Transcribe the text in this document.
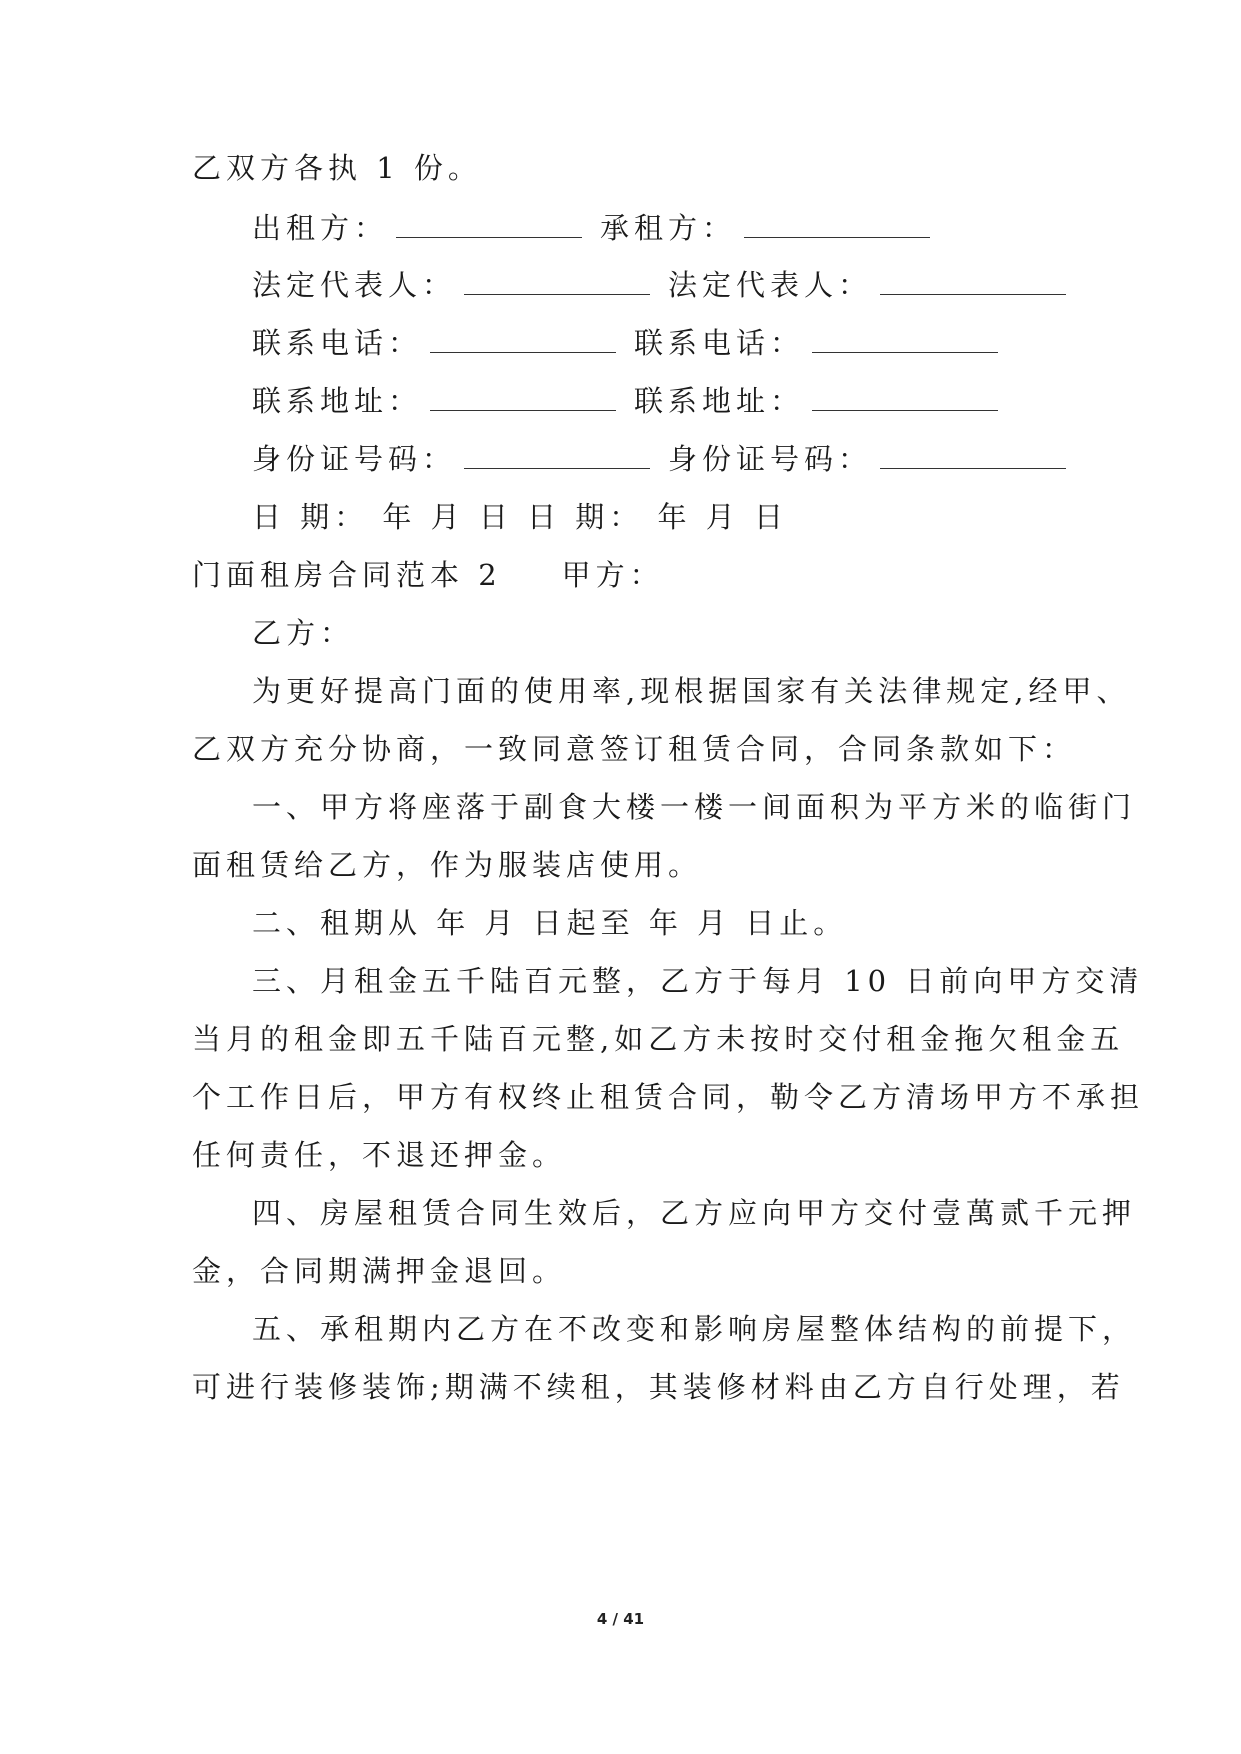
乙双方各执 1 份。
出租方：	承租方：
法定代表人：	法定代表人：
联系电话：	联系电话：
联系地址：	联系地址：
身份证号码：	身份证号码：
日 期： 年 月 日 日 期： 年 月 日
门面租房合同范本 2 甲方：
乙方：
为更好提高门面的使用率,现根据国家有关法律规定,经甲、
乙双方充分协商，一致同意签订租赁合同，合同条款如下：
一、甲方将座落于副食大楼一楼一间面积为平方米的临街门
面租赁给乙方，作为服装店使用。
二、租期从 年 月 日起至 年 月 日止。
三、月租金五千陆百元整，乙方于每月 10 日前向甲方交清
当月的租金即五千陆百元整,如乙方未按时交付租金拖欠租金五
个工作日后，甲方有权终止租赁合同，勒令乙方清场甲方不承担
任何责任，不退还押金。
四、房屋租赁合同生效后，乙方应向甲方交付壹萬贰千元押
金，合同期满押金退回。
五、承租期内乙方在不改变和影响房屋整体结构的前提下，
可进行装修装饰;期满不续租，其装修材料由乙方自行处理，若
4 / 41
